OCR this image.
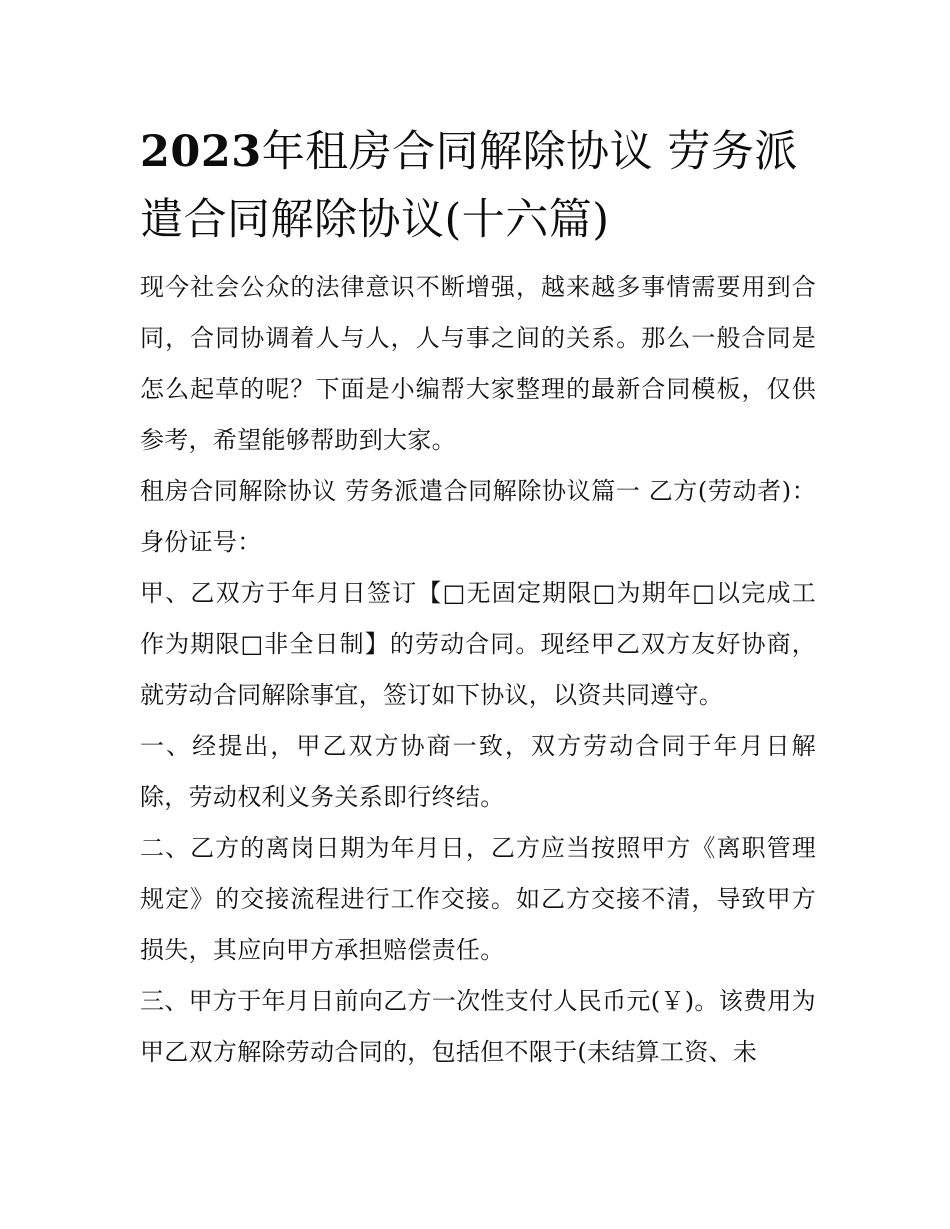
2023年租房合同解除协议 劳务派遣合同解除协议(十六篇)

现今社会公众的法律意识不断增强，越来越多事情需要用到合同，合同协调着人与人，人与事之间的关系。那么一般合同是怎么起草的呢？下面是小编帮大家整理的最新合同模板，仅供参考，希望能够帮助到大家。

租房合同解除协议 劳务派遣合同解除协议篇一 乙方(劳动者)：身份证号：

甲、乙双方于年月日签订【□无固定期限□为期年□以完成工作为期限□非全日制】的劳动合同。现经甲乙双方友好协商，就劳动合同解除事宜，签订如下协议，以资共同遵守。

一、经提出，甲乙双方协商一致，双方劳动合同于年月日解除，劳动权利义务关系即行终结。

二、乙方的离岗日期为年月日，乙方应当按照甲方《离职管理规定》的交接流程进行工作交接。如乙方交接不清，导致甲方损失，其应向甲方承担赔偿责任。

三、甲方于年月日前向乙方一次性支付人民币元(￥)。该费用为甲乙双方解除劳动合同的，包括但不限于(未结算工资、未
